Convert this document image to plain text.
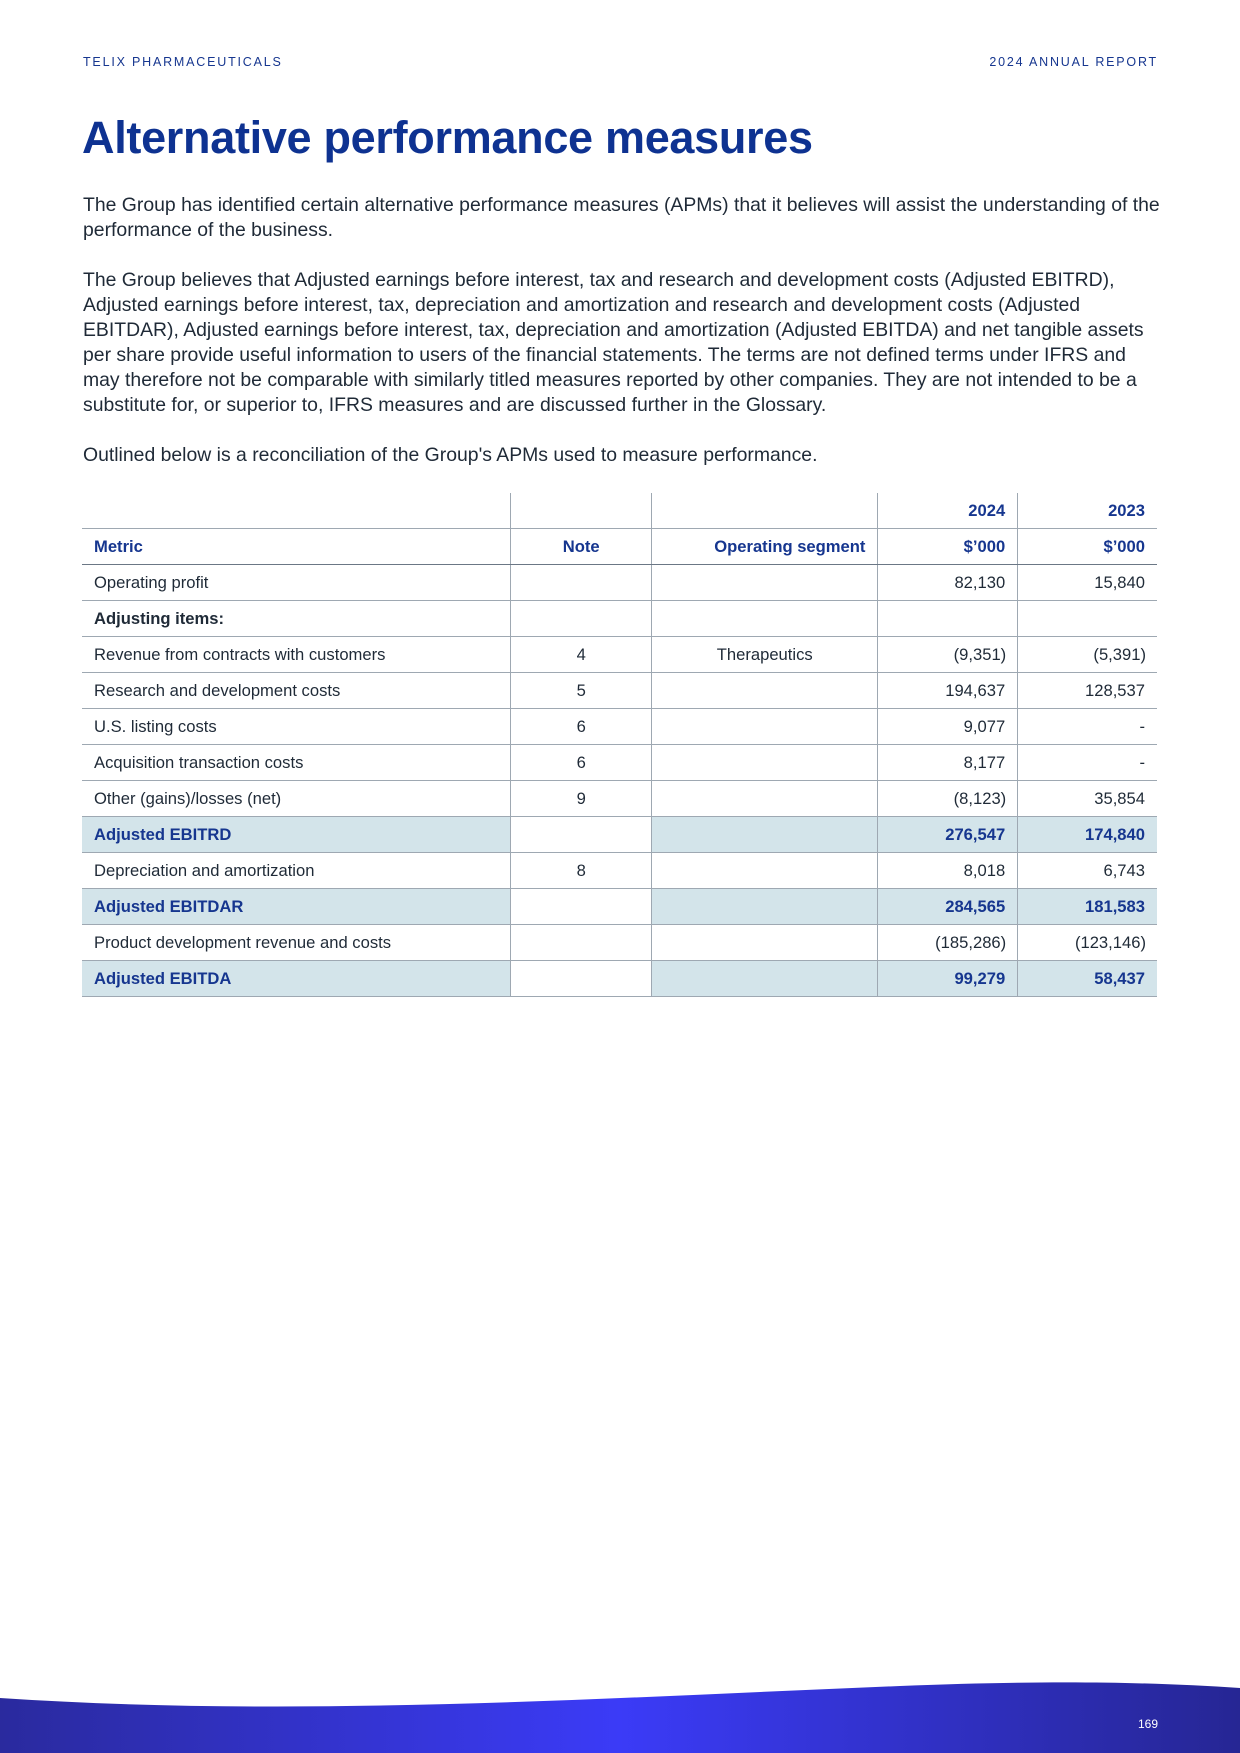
TELIX PHARMACEUTICALS	2024 ANNUAL REPORT
Alternative performance measures

The Group has identified certain alternative performance measures (APMs) that it believes will assist the understanding of the performance of the business.

The Group believes that Adjusted earnings before interest, tax and research and development costs (Adjusted EBITRD), Adjusted earnings before interest, tax, depreciation and amortization and research and development costs (Adjusted EBITDAR), Adjusted earnings before interest, tax, depreciation and amortization (Adjusted EBITDA) and net tangible assets per share provide useful information to users of the financial statements. The terms are not defined terms under IFRS and may therefore not be comparable with similarly titled measures reported by other companies. They are not intended to be a substitute for, or superior to, IFRS measures and are discussed further in the Glossary.

Outlined below is a reconciliation of the Group's APMs used to measure performance.

			2024	2023
Metric	Note	Operating segment	$’000	$’000
Operating profit			82,130	15,840
Adjusting items:				
Revenue from contracts with customers	4	Therapeutics	(9,351)	(5,391)
Research and development costs	5		194,637	128,537
U.S. listing costs	6		9,077	-
Acquisition transaction costs	6		8,177	-
Other (gains)/losses (net)	9		(8,123)	35,854
Adjusted EBITRD			276,547	174,840
Depreciation and amortization	8		8,018	6,743
Adjusted EBITDAR			284,565	181,583
Product development revenue and costs			(185,286)	(123,146)
Adjusted EBITDA			99,279	58,437
169
